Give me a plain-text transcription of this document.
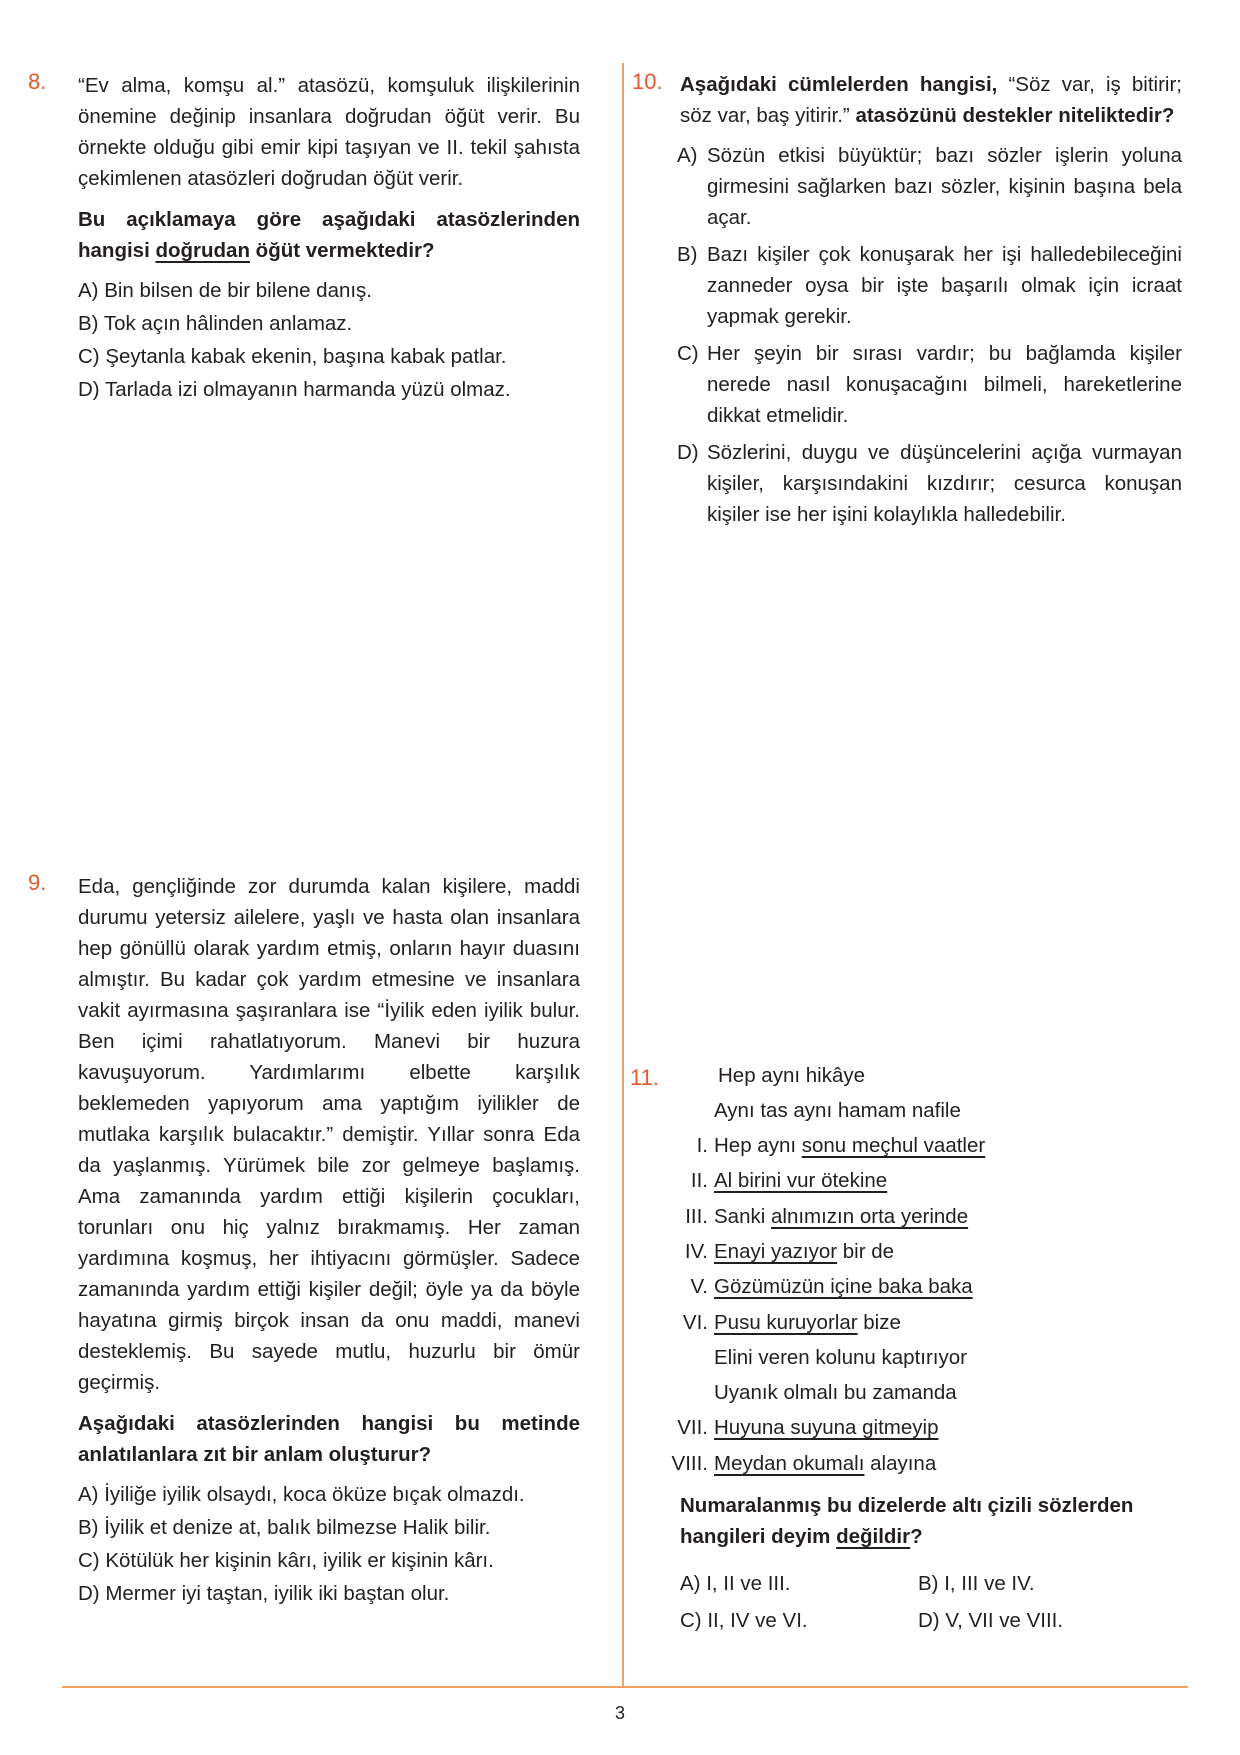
3
8. “Ev alma, komşu al.” atasözü, komşuluk ilişkilerinin önemine değinip insanlara doğrudan öğüt verir. Bu örnekte olduğu gibi emir kipi taşıyan ve II. tekil şahısta çekimlenen atasözleri doğrudan öğüt verir.

Bu açıklamaya göre aşağıdaki atasözlerinden hangisi doğrudan öğüt vermektedir?

A) Bin bilsen de bir bilene danış.

B) Tok açın hâlinden anlamaz.

C) Şeytanla kabak ekenin, başına kabak patlar.

D) Tarlada izi olmayanın harmanda yüzü olmaz.

9. Eda, gençliğinde zor durumda kalan kişilere, maddi durumu yetersiz ailelere, yaşlı ve hasta olan insanlara hep gönüllü olarak yardım etmiş, onların hayır duasını almıştır. Bu kadar çok yardım etmesine ve insanlara vakit ayırmasına şaşıranlara ise “İyilik eden iyilik bulur. Ben içimi rahatlatıyorum. Manevi bir huzura kavuşuyorum. Yardımlarımı elbette karşılık beklemeden yapıyorum ama yaptığım iyilikler de mutlaka karşılık bulacaktır.” demiştir. Yıllar sonra Eda da yaşlanmış. Yürümek bile zor gelmeye başlamış. Ama zamanında yardım ettiği kişilerin çocukları, torunları onu hiç yalnız bırakmamış. Her zaman yardımına koşmuş, her ihtiyacını görmüşler. Sadece zamanında yardım ettiği kişiler değil; öyle ya da böyle hayatına girmiş birçok insan da onu maddi, manevi desteklemiş. Bu sayede mutlu, huzurlu bir ömür geçirmiş.

Aşağıdaki atasözlerinden hangisi bu metinde anlatılanlara zıt bir anlam oluşturur?

A) İyiliğe iyilik olsaydı, koca öküze bıçak olmazdı.

B) İyilik et denize at, balık bilmezse Halik bilir.

C) Kötülük her kişinin kârı, iyilik er kişinin kârı.

D) Mermer iyi taştan, iyilik iki baştan olur.

10. Aşağıdaki cümlelerden hangisi, “Söz var, iş bitirir; söz var, baş yitirir.” atasözünü destekler niteliktedir?

A) Sözün etkisi büyüktür; bazı sözler işlerin yoluna girmesini sağlarken bazı sözler, kişinin başına bela açar.
B) Bazı kişiler çok konuşarak her işi halledebileceğini zanneder oysa bir işte başarılı olmak için icraat yapmak gerekir.
C) Her şeyin bir sırası vardır; bu bağlamda kişiler nerede nasıl konuşacağını bilmeli, hareketlerine dikkat etmelidir.
D) Sözlerini, duygu ve düşüncelerini açığa vurmayan kişiler, karşısındakini kızdırır; cesurca konuşan kişiler ise her işini kolaylıkla halledebilir.
11.	Hep aynı hikâye
Aynı tas aynı hamam nafile
I. Hep aynı sonu meçhul vaatler
II. Al birini vur ötekine
III. Sanki alnımızın orta yerinde
IV. Enayi yazıyor bir de
V. Gözümüzün içine baka baka
VI. Pusu kuruyorlar bize
Elini veren kolunu kaptırıyor
Uyanık olmalı bu zamanda
VII. Huyuna suyuna gitmeyip
VIII. Meydan okumalı alayına
Numaralanmış bu dizelerde altı çizili sözlerden hangileri deyim değildir?
A) I, II ve III.	B) I, III ve IV.
C) II, IV ve VI.	D) V, VII ve VIII.
